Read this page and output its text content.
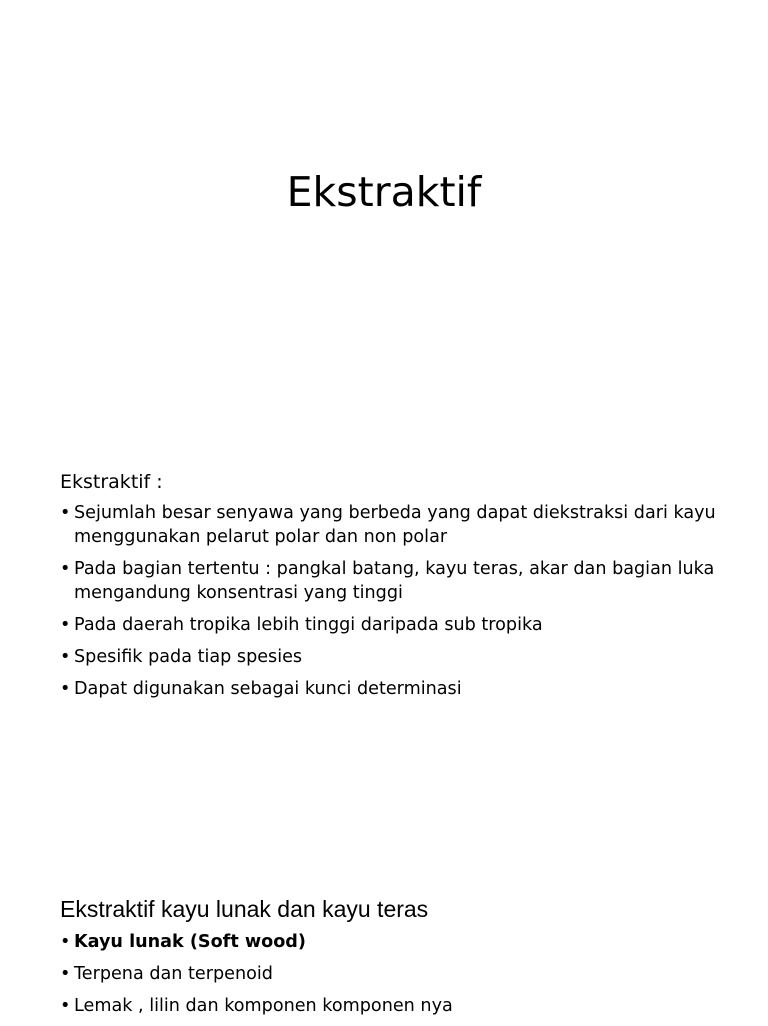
Ekstraktif
Ekstraktif :
• Sejumlah besar senyawa yang berbeda yang dapat diekstraksi dari kayu menggunakan pelarut polar dan non polar
• Pada bagian tertentu : pangkal batang, kayu teras, akar dan bagian luka mengandung konsentrasi yang tinggi
• Pada daerah tropika lebih tinggi daripada sub tropika
• Spesifik pada tiap spesies
• Dapat digunakan sebagai kunci determinasi
Ekstraktif kayu lunak dan kayu teras
• Kayu lunak (Soft wood)
• Terpena dan terpenoid
• Lemak , lilin dan komponen komponen nya
